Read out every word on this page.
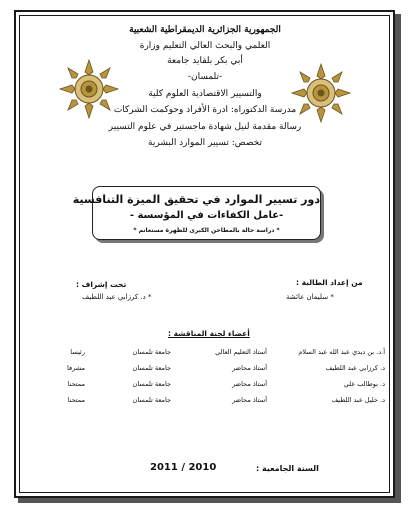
الجمهورية الجزائرية الديمقراطية الشعبية
العلمي والبحث العالي التعليم وزارة
أبي بكر بلقايد جامعة
-تلمسان-
والتسيير الاقتصادية العلوم كلية
مدرسة الدكتوراه: ادرة الأفراد وحوكمت الشركات
رسالة مقدمة لنيل شهادة ماجستير في علوم التسيير
تخصص: تسيير الموارد البشرية
دور تسيير الموارد في تحقيق الميزة التنافسية
-عامل الكفاءات في المؤسسة -
* دراسة حالة بالمطاحن الكبرى للظهرة مستغانم *
من إعداد الطالبة :
* سليمان عائشة
تحت إشراف :
* د. كرزابي عبد اللطيف
أعضاء لجنة المناقشة :
أ.د. بن ديدي عبد الله عبد السلام
أستاذ التعليم العالي
جامعة تلمسان
رئيسا
د. كرزابي عبد اللطيف
أستاذ محاضر
جامعة تلمسان
مشرفا
د. بوطالب علي
أستاذ محاضر
جامعة تلمسان
ممتحنا
د. خليل عبد اللطيف
أستاذ محاضر
جامعة تلمسان
ممتحنا
السنة الجامعية :
2011 / 2010
